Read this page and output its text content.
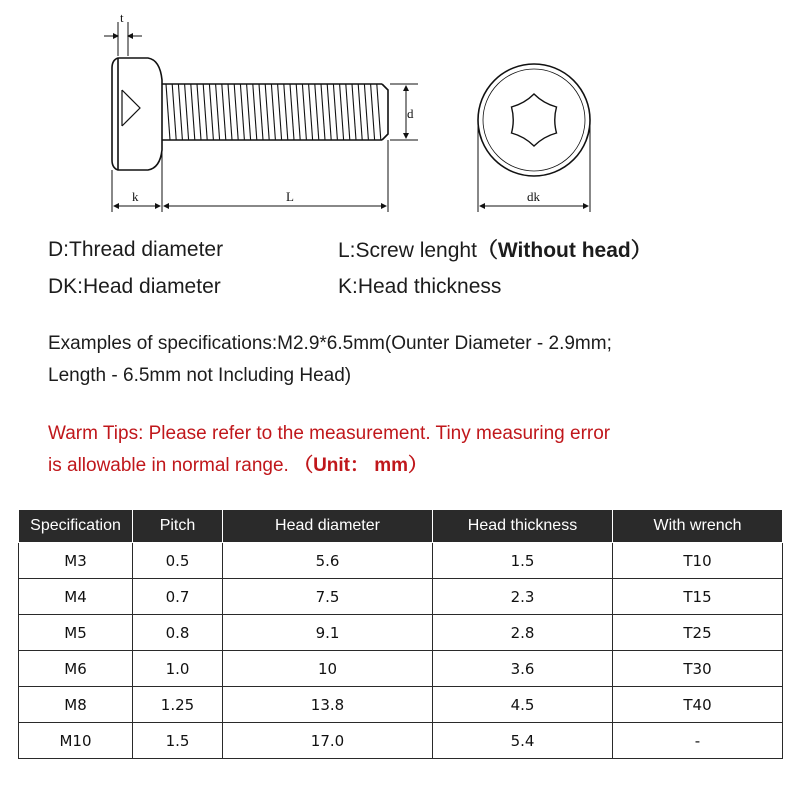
t
d
k	L	dk
D:Thread diameter	L:Screw lenght（Without head）
DK:Head diameter	K:Head thickness
Examples of specifications:M2.9*6.5mm(Ounter Diameter - 2.9mm;
Length - 6.5mm not Including Head)
Warm Tips: Please refer to the measurement. Tiny measuring error
is allowable in normal range. （Unit： mm）
Specification	Pitch	Head diameter	Head thickness	With wrench
M3	0.5	5.6	1.5	T10
M4	0.7	7.5	2.3	T15
M5	0.8	9.1	2.8	T25
M6	1.0	10	3.6	T30
M8	1.25	13.8	4.5	T40
M10	1.5	17.0	5.4	-
